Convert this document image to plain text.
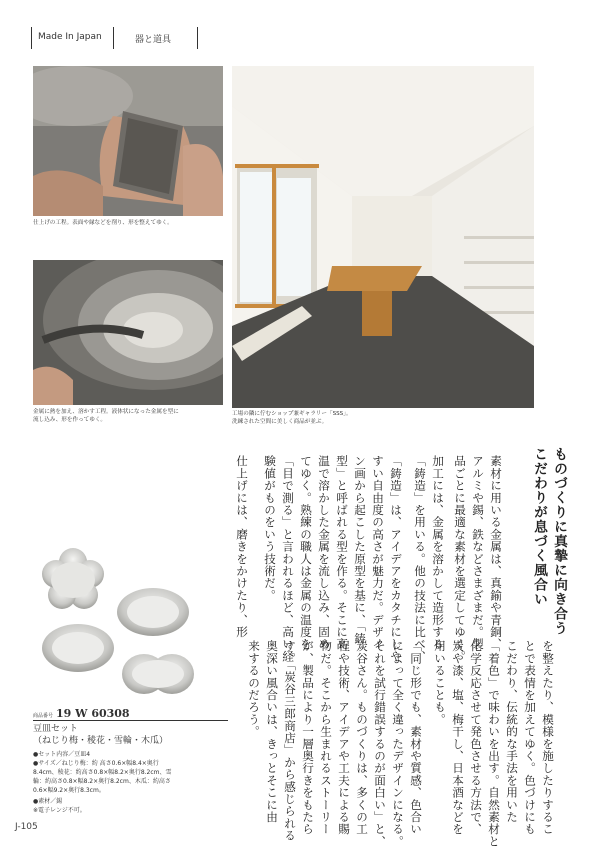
Made In Japan	器と道具
仕上げの工程。表面や縁などを削り、形を整えてゆく。
金属に熱を加え、溶かす工程。液体状になった金属を型に
流し込み、形を作ってゆく。
工場の隣に佇むショップ兼ギャラリー「SSS」。
洗練された空間に美しく商品が並ぶ。
ものづくりに真摯に向き合う
こだわりが息づく風合い
素材に用いる金属は、真鍮や青銅、
アルミや錫、鉄などさまざまだ。製
品ごとに最適な素材を選定してゆく。
加工には、金属を溶かして造形する
「鋳造」を用いる。他の技法に比べ、
「鋳造」は、アイデアをカタチにしや
すい自由度の高さが魅力だ。デザイ
ン画から起こした原型を基に、「鋳
型」と呼ばれる型を作る。そこに高
温で溶かした金属を流し込み、固め
てゆく。熟練の職人は金属の温度を
「目で測る」と言われるほど、高い経
験値がものをいう技術だ。
仕上げには、磨きをかけたり、形
を整えたり、模様を施したりするこ
とで表情を加えてゆく。色づけにも
こだわり、伝統的な手法を用いた
「着色」で味わいを出す。自然素材と
化学反応させて発色させる方法で、
炭や漆、塩、梅干し、日本酒などを
用いることも。
「同じ形でも、素材や質感、色合い
によって全く違ったデザインになる。
それを試行錯誤するのが面白い」と、
炭谷さん。ものづくりは、多くの工
程や技術、アイデアや工夫による賜
物だ。そこから生まれるストーリー
が、製品により一層奥行きをもたら
す。「炭谷三郎商店」から感じられる
奥深い風合いは、きっとそこに由
来するのだろう。
商品番号 19 W 60308
豆皿セット
（ねじり梅・稜花・雪輪・木瓜）
●セット内容／豆皿4
●サイズ／ねじり梅：約 高さ0.6×幅8.4×奥行
8.4cm、稜花：約高さ0.8×幅8.2×奥行8.2cm、雪
輪：約高さ0.8×幅8.2×奥行8.2cm、木瓜：約高さ
0.6×幅9.2×奥行8.3cm。
●素材／錫
※電子レンジ不可。
J-105
